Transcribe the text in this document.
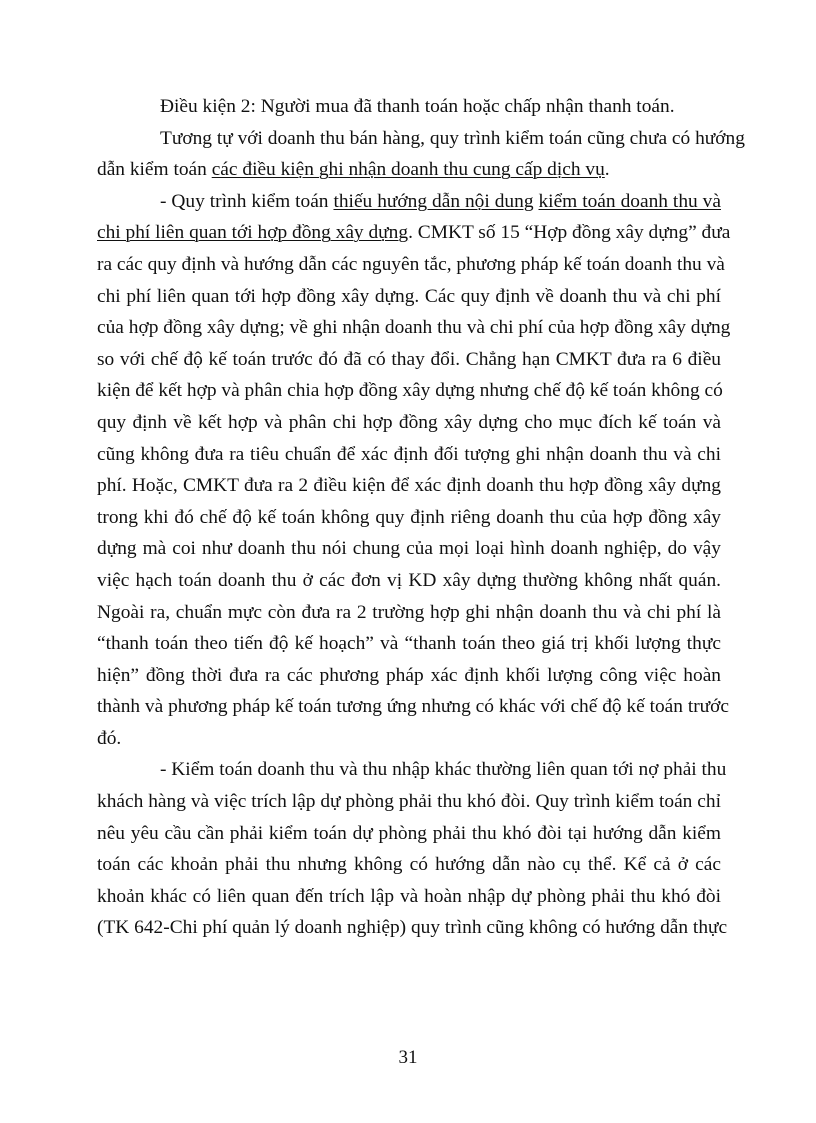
Điều kiện 2: Người mua đã thanh toán hoặc chấp nhận thanh toán.
Tương tự với doanh thu bán hàng, quy trình kiểm toán cũng chưa có hướng
dẫn kiểm toán các điều kiện ghi nhận doanh thu cung cấp dịch vụ.
- Quy trình kiểm toán thiếu hướng dẫn nội dung kiểm toán doanh thu và
chi phí liên quan tới hợp đồng xây dựng. CMKT số 15 “Hợp đồng xây dựng” đưa
ra các quy định và hướng dẫn các nguyên tắc, phương pháp kế toán doanh thu và
chi phí liên quan tới hợp đồng xây dựng. Các quy định về doanh thu và chi phí
của hợp đồng xây dựng; về ghi nhận doanh thu và chi phí của hợp đồng xây dựng
so với chế độ kế toán trước đó đã có thay đổi. Chẳng hạn CMKT đưa ra 6 điều
kiện để kết hợp và phân chia hợp đồng xây dựng nhưng chế độ kế toán không có
quy định về kết hợp và phân chi hợp đồng xây dựng cho mục đích kế toán và
cũng không đưa ra tiêu chuẩn để xác định đối tượng ghi nhận doanh thu và chi
phí. Hoặc, CMKT đưa ra 2 điều kiện để xác định doanh thu hợp đồng xây dựng
trong khi đó chế độ kế toán không quy định riêng doanh thu của hợp đồng xây
dựng mà coi như doanh thu nói chung của mọi loại hình doanh nghiệp, do vậy
việc hạch toán doanh thu ở các đơn vị KD xây dựng thường không nhất quán.
Ngoài ra, chuẩn mực còn đưa ra 2 trường hợp ghi nhận doanh thu và chi phí là
“thanh toán theo tiến độ kế hoạch” và “thanh toán theo giá trị khối lượng thực
hiện” đồng thời đưa ra các phương pháp xác định khối lượng công việc hoàn
thành và phương pháp kế toán tương ứng nhưng có khác với chế độ kế toán trước
đó.
- Kiểm toán doanh thu và thu nhập khác thường liên quan tới nợ phải thu
khách hàng và việc trích lập dự phòng phải thu khó đòi. Quy trình kiểm toán chỉ
nêu yêu cầu cần phải kiểm toán dự phòng phải thu khó đòi tại hướng dẫn kiểm
toán các khoản phải thu nhưng không có hướng dẫn nào cụ thể. Kể cả ở các
khoản khác có liên quan đến trích lập và hoàn nhập dự phòng phải thu khó đòi
(TK 642-Chi phí quản lý doanh nghiệp) quy trình cũng không có hướng dẫn thực
31
